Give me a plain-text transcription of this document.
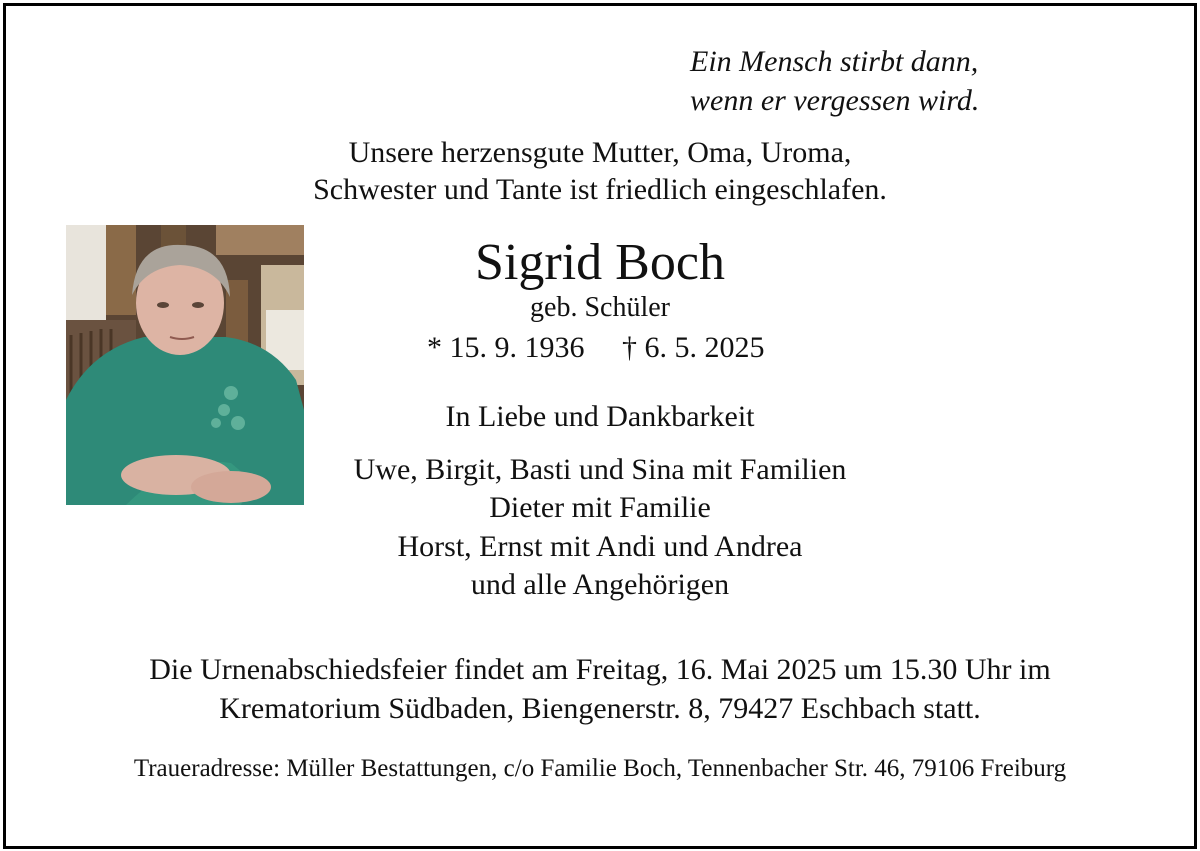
Ein Mensch stirbt dann,
wenn er vergessen wird.
Unsere herzensgute Mutter, Oma, Uroma,
Schwester und Tante ist friedlich eingeschlafen.
Sigrid Boch
geb. Schüler
* 15. 9. 1936 † 6. 5. 2025
In Liebe und Dankbarkeit
Uwe, Birgit, Basti und Sina mit Familien
Dieter mit Familie
Horst, Ernst mit Andi und Andrea
und alle Angehörigen
Die Urnenabschiedsfeier findet am Freitag, 16. Mai 2025 um 15.30 Uhr im
Krematorium Südbaden, Biengenerstr. 8, 79427 Eschbach statt.
Traueradresse: Müller Bestattungen, c/o Familie Boch, Tennenbacher Str. 46, 79106 Freiburg
